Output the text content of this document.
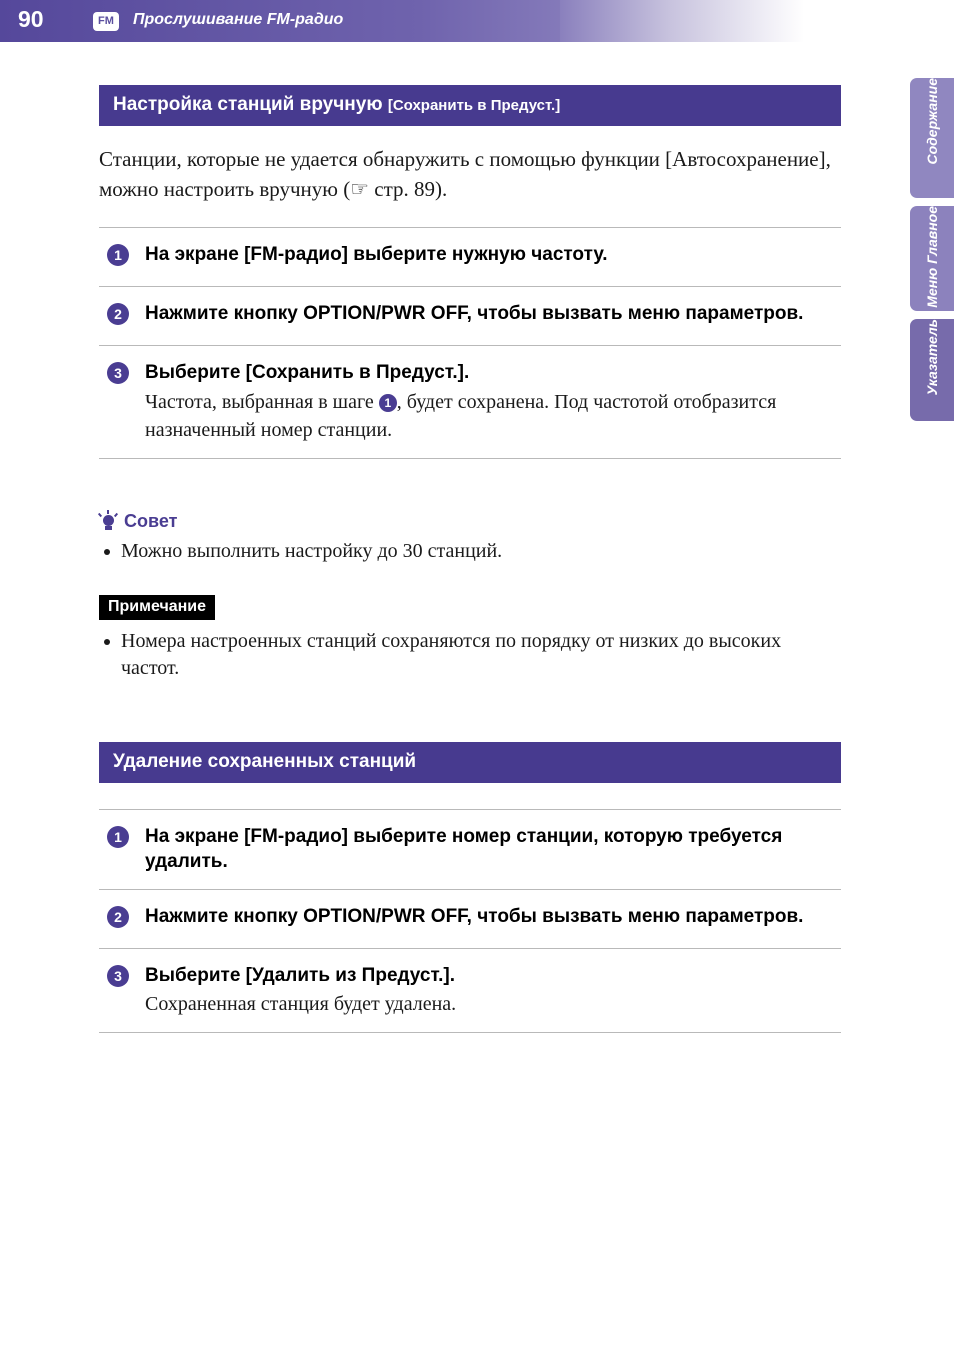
90	FM	Прослушивание FM-радио
Содержание
Меню Главное
Указатель
Настройка станций вручную [Сохранить в Предуст.]

Станции, которые не удается обнаружить с помощью функции [Автосохранение], можно настроить вручную (☞ стр. 89).

1	На экране [FM-радио] выберите нужную частоту.
2	Нажмите кнопку OPTION/PWR OFF, чтобы вызвать меню параметров.
3	Выберите [Сохранить в Предуст.].
Частота, выбранная в шаге 1 , будет сохранена. Под частотой отобразится назначенный номер станции.
Совет
Можно выполнить настройку до 30 станций.
Примечание
Номера настроенных станций сохраняются по порядку от низких до высоких частот.
Удаление сохраненных станций
1	На экране [FM-радио] выберите номер станции, которую требуется удалить.
2	Нажмите кнопку OPTION/PWR OFF, чтобы вызвать меню параметров.
3	Выберите [Удалить из Предуст.].
Сохраненная станция будет удалена.
